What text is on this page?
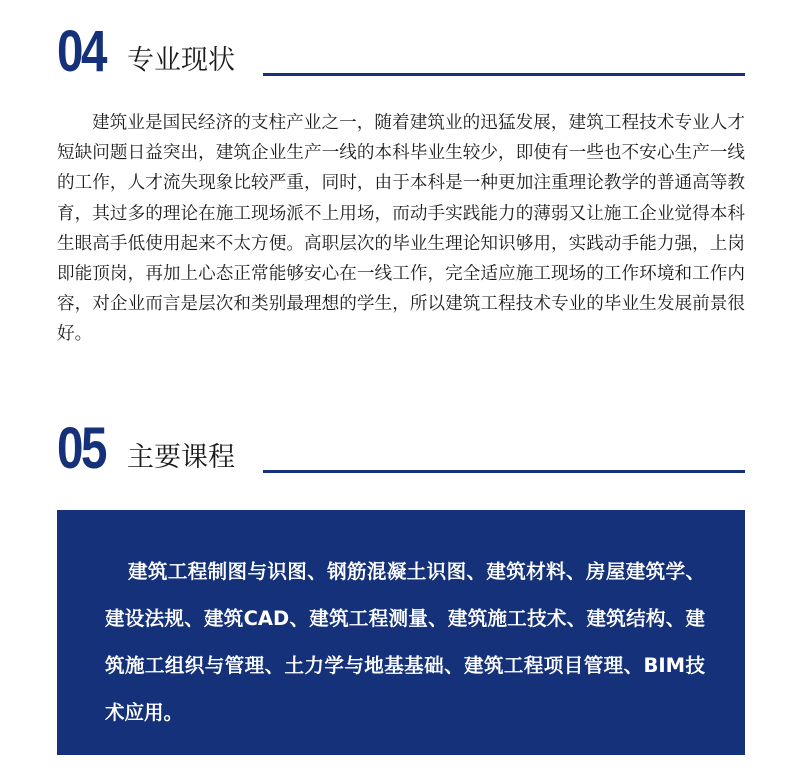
04 专业现状

建筑业是国民经济的支柱产业之一，随着建筑业的迅猛发展，建筑工程技术专业人才短缺问题日益突出，建筑企业生产一线的本科毕业生较少，即使有一些也不安心生产一线的工作，人才流失现象比较严重，同时，由于本科是一种更加注重理论教学的普通高等教育，其过多的理论在施工现场派不上用场，而动手实践能力的薄弱又让施工企业觉得本科生眼高手低使用起来不太方便。高职层次的毕业生理论知识够用，实践动手能力强，上岗即能顶岗，再加上心态正常能够安心在一线工作，完全适应施工现场的工作环境和工作内容，对企业而言是层次和类别最理想的学生，所以建筑工程技术专业的毕业生发展前景很好。

05 主要课程

建筑工程制图与识图、钢筋混凝土识图、建筑材料、房屋建筑学、建设法规、建筑CAD、建筑工程测量、建筑施工技术、建筑结构、建筑施工组织与管理、土力学与地基基础、建筑工程项目管理、BIM技术应用。
